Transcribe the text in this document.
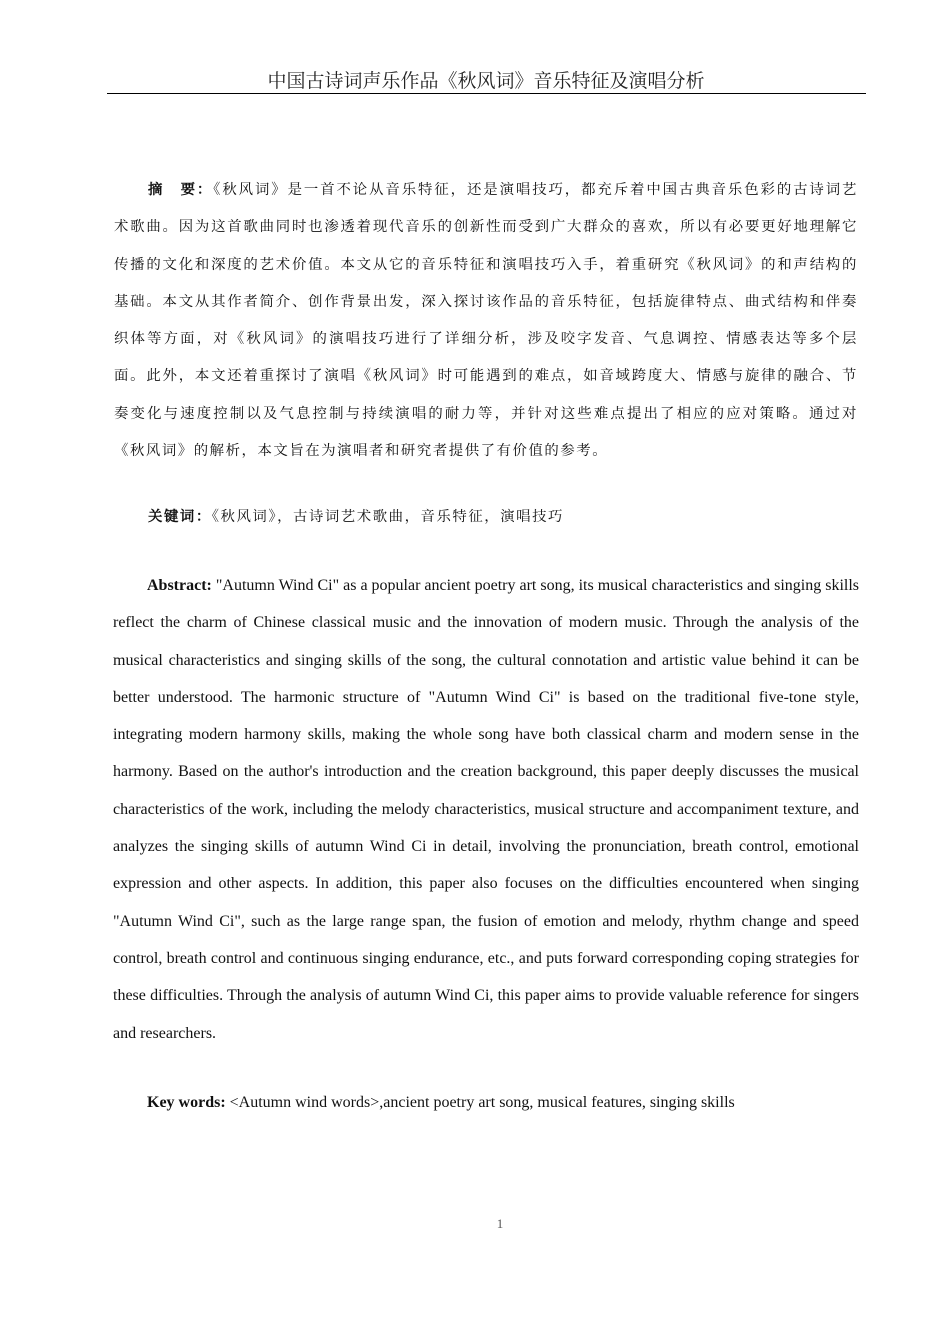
中国古诗词声乐作品《秋风词》音乐特征及演唱分析

摘　要：《秋风词》是一首不论从音乐特征，还是演唱技巧，都充斥着中国古典音乐色彩的古诗词艺术歌曲。因为这首歌曲同时也渗透着现代音乐的创新性而受到广大群众的喜欢，所以有必要更好地理解它传播的文化和深度的艺术价值。本文从它的音乐特征和演唱技巧入手，着重研究《秋风词》的和声结构的基础。本文从其作者简介、创作背景出发，深入探讨该作品的音乐特征，包括旋律特点、曲式结构和伴奏织体等方面，对《秋风词》的演唱技巧进行了详细分析，涉及咬字发音、气息调控、情感表达等多个层面。此外，本文还着重探讨了演唱《秋风词》时可能遇到的难点，如音域跨度大、情感与旋律的融合、节奏变化与速度控制以及气息控制与持续演唱的耐力等，并针对这些难点提出了相应的应对策略。通过对《秋风词》的解析，本文旨在为演唱者和研究者提供了有价值的参考。

关键词：《秋风词》，古诗词艺术歌曲，音乐特征，演唱技巧

Abstract: "Autumn Wind Ci" as a popular ancient poetry art song, its musical characteristics and singing skills reflect the charm of Chinese classical music and the innovation of modern music. Through the analysis of the musical characteristics and singing skills of the song, the cultural connotation and artistic value behind it can be better understood. The harmonic structure of "Autumn Wind Ci" is based on the traditional five-tone style, integrating modern harmony skills, making the whole song have both classical charm and modern sense in the harmony. Based on the author's introduction and the creation background, this paper deeply discusses the musical characteristics of the work, including the melody characteristics, musical structure and accompaniment texture, and analyzes the singing skills of autumn Wind Ci in detail, involving the pronunciation, breath control, emotional expression and other aspects. In addition, this paper also focuses on the difficulties encountered when singing "Autumn Wind Ci", such as the large range span, the fusion of emotion and melody, rhythm change and speed control, breath control and continuous singing endurance, etc., and puts forward corresponding coping strategies for these difficulties. Through the analysis of autumn Wind Ci, this paper aims to provide valuable reference for singers and researchers.

Key words: <Autumn wind words>,ancient poetry art song, musical features, singing skills

1
